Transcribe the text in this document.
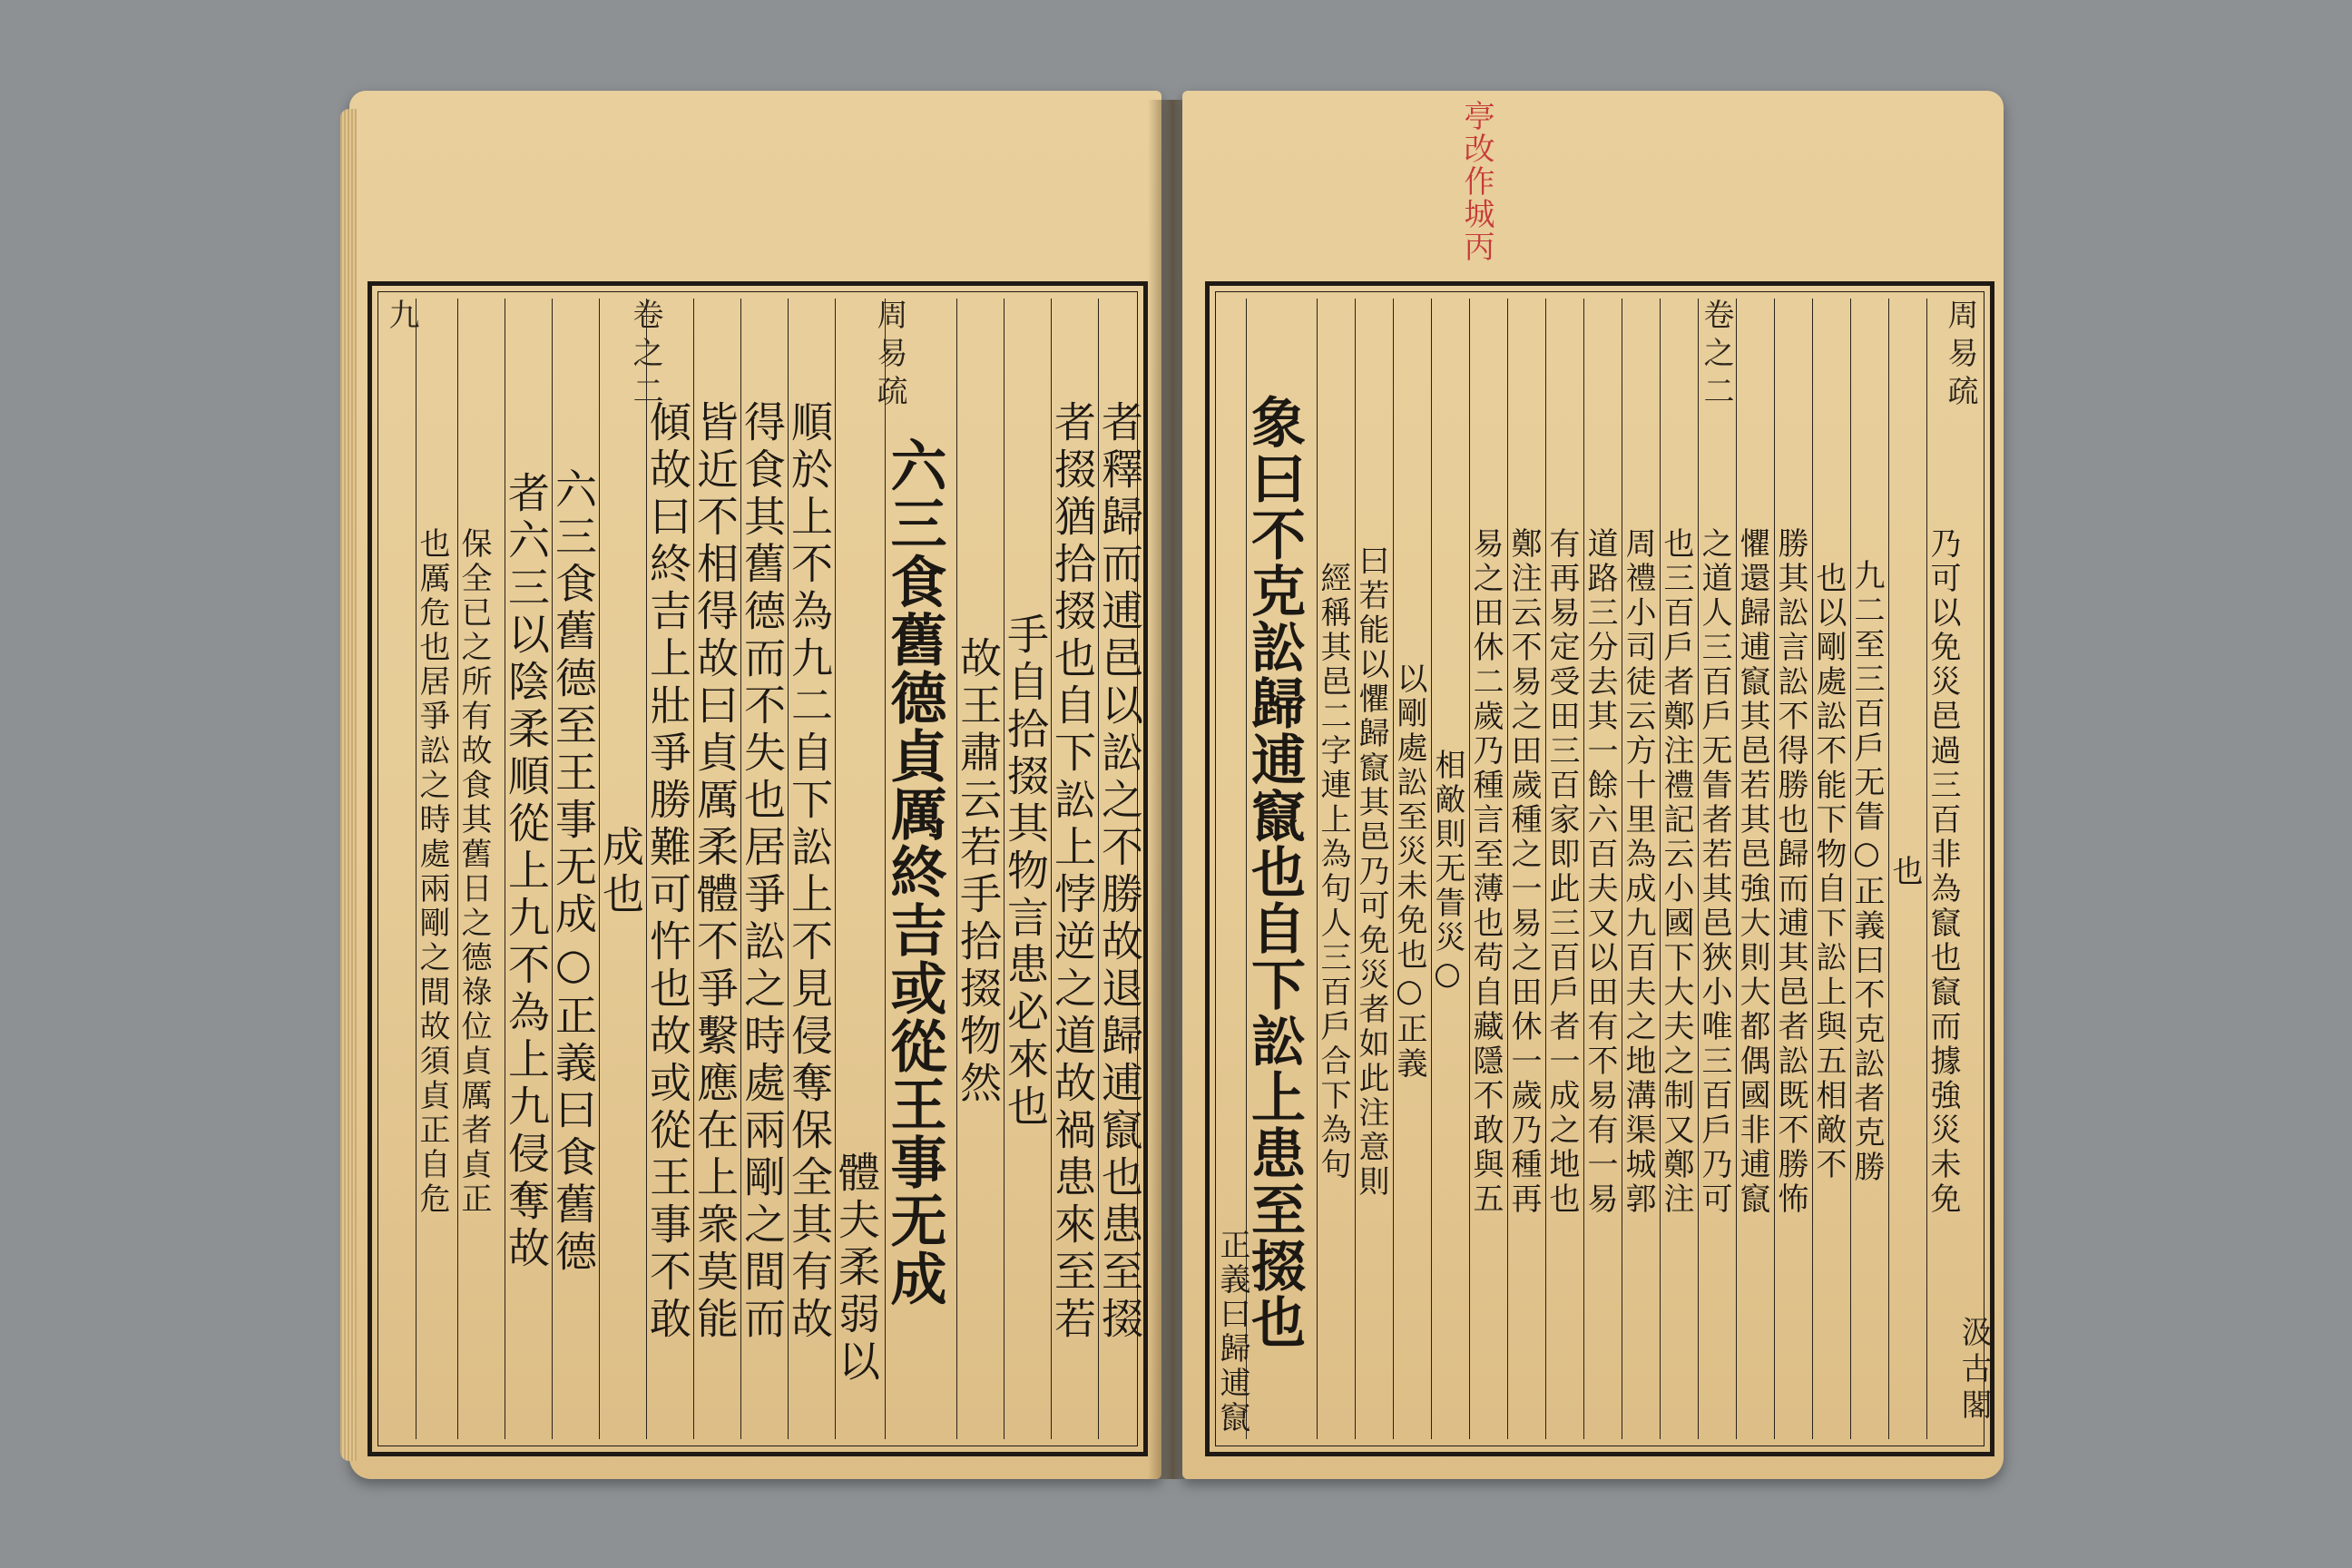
周易疏
卷之二
九
者釋歸而逋邑以訟之不勝故退歸逋竄也患至掇
者掇猶拾掇也自下訟上悖逆之道故禍患來至若
手自拾掇其物言患必來也
故王肅云若手拾掇物然
六三食舊德貞厲終吉或從王事无成
體夫柔弱以
順於上不為九二自下訟上不見侵奪保全其有故
得食其舊德而不失也居爭訟之時處兩剛之間而
皆近不相得故曰貞厲柔體不爭繫應在上衆莫能
傾故曰終吉上壯爭勝難可忤也故或從王事不敢
成也
六三食舊德至王事无成○正義曰食舊德
者六三以陰柔順從上九不為上九侵奪故
保全已之所有故食其舊日之德祿位貞厲者貞正
也厲危也居爭訟之時處兩剛之間故須貞正自危
亭改作城丙
周易疏
卷之二
乃可以免災邑過三百非為竄也竄而據強災未免
也
九二至三百戶无眚○正義曰不克訟者克勝
也以剛處訟不能下物自下訟上與五相敵不
勝其訟言訟不得勝也歸而逋其邑者訟既不勝怖
懼還歸逋竄其邑若其邑強大則大都偶國非逋竄
之道人三百戶无眚者若其邑狹小唯三百戶乃可
也三百戶者鄭注禮記云小國下大夫之制又鄭注
周禮小司徒云方十里為成九百夫之地溝渠城郭
道路三分去其一餘六百夫又以田有不易有一易
有再易定受田三百家即此三百戶者一成之地也
鄭注云不易之田歲種之一易之田休一歲乃種再
易之田休二歲乃種言至薄也苟自藏隱不敢與五
相敵則无眚災○
以剛處訟至災未免也○正義
曰若能以懼歸竄其邑乃可免災者如此注意則
經稱其邑二字連上為句人三百戶合下為句
象曰不克訟歸逋竄也自下訟上患至掇也
正義曰歸逋竄	汲古閣
